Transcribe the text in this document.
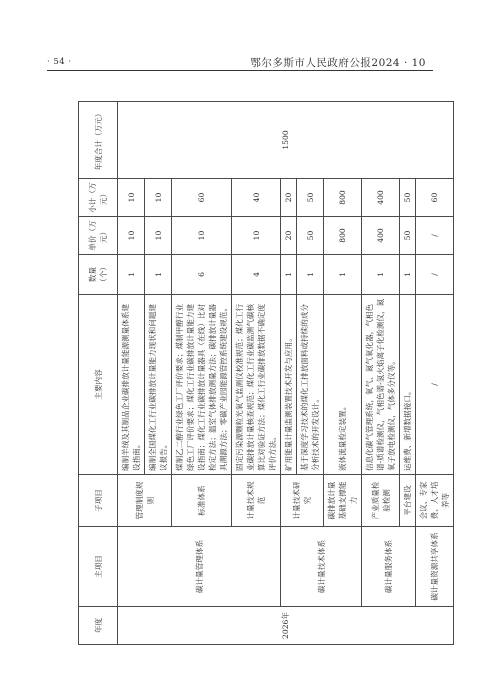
· 54 ·	鄂尔多斯市人民政府公报2024 · 10
年度	主项目	子项目	主要内容	数量（个）	单价（万元）	小计（万元）	年度合计（万元）
2026年	碳计量管理体系	管理制度规则	编制羊绒及其制品企业碳排放计量能源测量体系建设指南。	1	10	10	1500
			编制全国煤化工行业碳排放计量能力现状和问题建议报告。	1	10	10	
		标准体系	煤制乙二醇行业绿色工厂评价要求；煤制甲醇行业绿色工厂评价要求；煤化工行业碳排放计量能力建设指南；煤化工行业碳排放计量器具（在线）比对检定方法；温室气体排放测量方法；碳排放计量器具溯源方法；零碳产业园能源管控系统建设规范。	6	10	60	
		计量技术规范	固定污染源颗粒光氧气监测仪校准规范；煤化工行业碳排放计量核查规范；煤化工行业碳监测气碳核算比对验证方法；煤化工行业碳排放数据不确定度评价方法。	4	10	40	
	碳计量技术体系	计量技术研究	矿用能量计量监测装置技术开发与应用。	1	20	20	
			基于深度学习技术的煤化工排放面料或持续的成分分析技术的开发设计。	1	50	50	
		碳排放计量基础支撑能力	液体流量检定装置。	1	800	800	
	碳计量服务体系	产业质量检验检测	信息化碳气管理系统，氧气、氮气氧化器，气相色谱-质谱检测仪，气相色谱-氢火焰离子化检测仪，氮氧子放电检测仪，气体多分仪等。	1	400	400	
		平台建设	运维费、新增数据接口。	1	50	50	
	碳计量资源共享体系	会议、专家费、人才培养等	/	/	/	60	
